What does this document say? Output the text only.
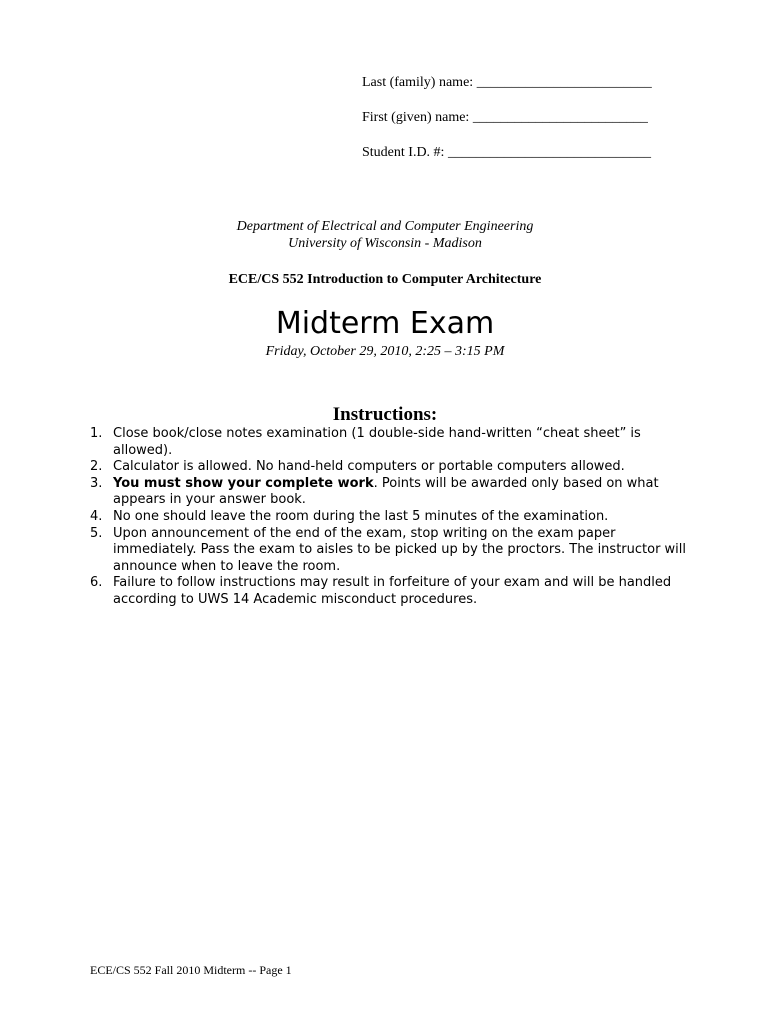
Last (family) name: _________________________
First (given) name: _________________________
Student I.D. #: _____________________________
Department of Electrical and Computer Engineering
University of Wisconsin - Madison
ECE/CS 552 Introduction to Computer Architecture
Midterm Exam
Friday, October 29, 2010, 2:25 – 3:15 PM
Instructions:
1. Close book/close notes examination (1 double-side hand-written “cheat sheet” is allowed).
2. Calculator is allowed. No hand-held computers or portable computers allowed.
3. You must show your complete work. Points will be awarded only based on what appears in your answer book.
4. No one should leave the room during the last 5 minutes of the examination.
5. Upon announcement of the end of the exam, stop writing on the exam paper immediately. Pass the exam to aisles to be picked up by the proctors. The instructor will announce when to leave the room.
6. Failure to follow instructions may result in forfeiture of your exam and will be handled according to UWS 14 Academic misconduct procedures.
ECE/CS 552 Fall 2010 Midterm -- Page 1
